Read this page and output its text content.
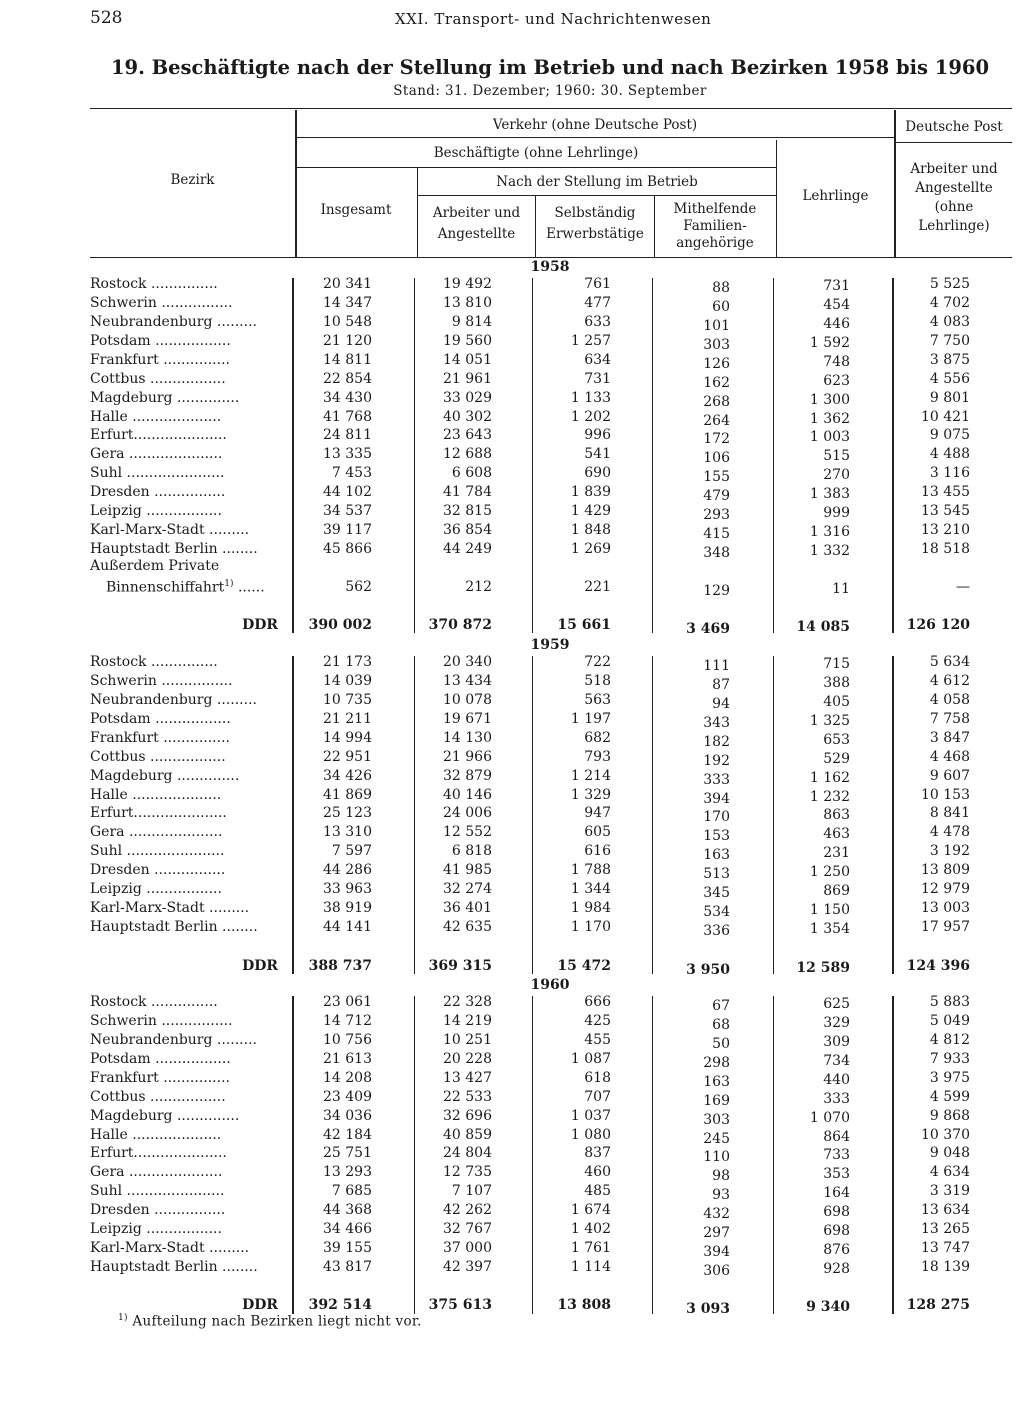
528	XXI. Transport- und Nachrichtenwesen
19. Beschäftigte nach der Stellung im Betrieb und nach Bezirken 1958 bis 1960
Stand: 31. Dezember; 1960: 30. September
Bezirk
Verkehr (ohne Deutsche Post)	Deutsche Post
Beschäftigte (ohne Lehrlinge)
Insgesamt
Nach der Stellung im Betrieb
Arbeiter und
Angestellte
Selbständig
Erwerbstätige
Mithelfende
Familien-
angehörige
Lehrlinge
Arbeiter und
Angestellte
(ohne
Lehrlinge)
1958
Rostock ...............	20 341	19 492	761	88	731	5 525
Schwerin ................	14 347	13 810	477	60	454	4 702
Neubrandenburg .........	10 548	9 814	633	101	446	4 083
Potsdam .................	21 120	19 560	1 257	303	1 592	7 750
Frankfurt ...............	14 811	14 051	634	126	748	3 875
Cottbus .................	22 854	21 961	731	162	623	4 556
Magdeburg ..............	34 430	33 029	1 133	268	1 300	9 801
Halle ....................	41 768	40 302	1 202	264	1 362	10 421
Erfurt.....................	24 811	23 643	996	172	1 003	9 075
Gera .....................	13 335	12 688	541	106	515	4 488
Suhl ......................	7 453	6 608	690	155	270	3 116
Dresden ................	44 102	41 784	1 839	479	1 383	13 455
Leipzig .................	34 537	32 815	1 429	293	999	13 545
Karl-Marx-Stadt .........	39 117	36 854	1 848	415	1 316	13 210
Hauptstadt Berlin ........	45 866	44 249	1 269	348	1 332	18 518
Außerdem Private
Binnenschiffahrt$^{1)}$ ......	562	212	221	129	11	—
DDR	390 002	370 872	15 661	3 469	14 085	126 120
1959
Rostock ...............	21 173	20 340	722	111	715	5 634
Schwerin ................	14 039	13 434	518	87	388	4 612
Neubrandenburg .........	10 735	10 078	563	94	405	4 058
Potsdam .................	21 211	19 671	1 197	343	1 325	7 758
Frankfurt ...............	14 994	14 130	682	182	653	3 847
Cottbus .................	22 951	21 966	793	192	529	4 468
Magdeburg ..............	34 426	32 879	1 214	333	1 162	9 607
Halle ....................	41 869	40 146	1 329	394	1 232	10 153
Erfurt.....................	25 123	24 006	947	170	863	8 841
Gera .....................	13 310	12 552	605	153	463	4 478
Suhl ......................	7 597	6 818	616	163	231	3 192
Dresden ................	44 286	41 985	1 788	513	1 250	13 809
Leipzig .................	33 963	32 274	1 344	345	869	12 979
Karl-Marx-Stadt .........	38 919	36 401	1 984	534	1 150	13 003
Hauptstadt Berlin ........	44 141	42 635	1 170	336	1 354	17 957
DDR	388 737	369 315	15 472	3 950	12 589	124 396
1960
Rostock ...............	23 061	22 328	666	67	625	5 883
Schwerin ................	14 712	14 219	425	68	329	5 049
Neubrandenburg .........	10 756	10 251	455	50	309	4 812
Potsdam .................	21 613	20 228	1 087	298	734	7 933
Frankfurt ...............	14 208	13 427	618	163	440	3 975
Cottbus .................	23 409	22 533	707	169	333	4 599
Magdeburg ..............	34 036	32 696	1 037	303	1 070	9 868
Halle ....................	42 184	40 859	1 080	245	864	10 370
Erfurt.....................	25 751	24 804	837	110	733	9 048
Gera .....................	13 293	12 735	460	98	353	4 634
Suhl ......................	7 685	7 107	485	93	164	3 319
Dresden ................	44 368	42 262	1 674	432	698	13 634
Leipzig .................	34 466	32 767	1 402	297	698	13 265
Karl-Marx-Stadt .........	39 155	37 000	1 761	394	876	13 747
Hauptstadt Berlin ........	43 817	42 397	1 114	306	928	18 139
DDR	392 514	375 613	13 808	3 093	9 340	128 275
$^{1)}$ Aufteilung nach Bezirken liegt nicht vor.
